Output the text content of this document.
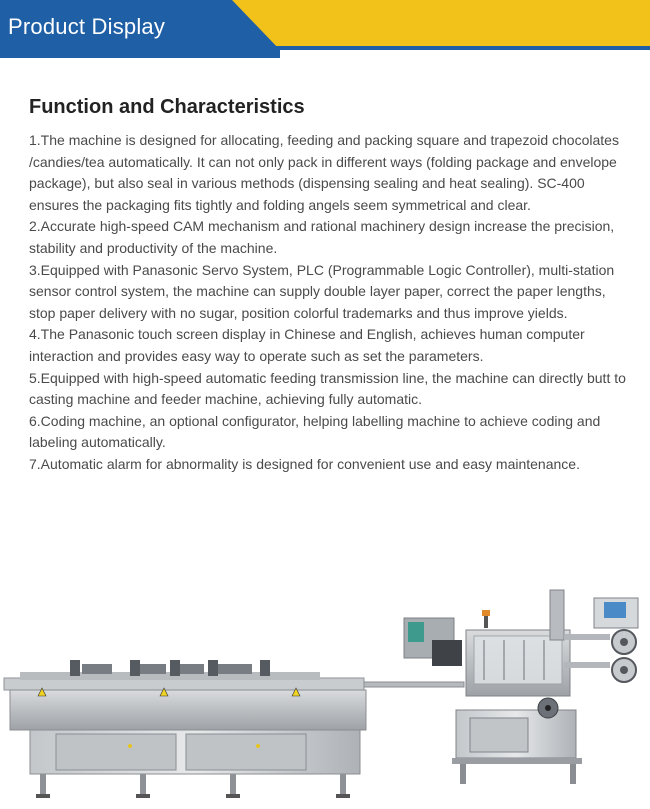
Product Display
Function and Characteristics

1.The machine is designed for allocating, feeding and packing square and trapezoid chocolates /candies/tea automatically. It can not only pack in different ways (folding package and envelope package), but also seal in various methods (dispensing sealing and heat sealing). SC-400 ensures the packaging fits tightly and folding angels seem symmetrical and clear.

2.Accurate high-speed CAM mechanism and rational machinery design increase the precision, stability and productivity of the machine.

3.Equipped with Panasonic Servo System, PLC (Programmable Logic Controller), multi-station sensor control system, the machine can supply double layer paper, correct the paper lengths, stop paper delivery with no sugar, position colorful trademarks and thus improve yields.

4.The Panasonic touch screen display in Chinese and English, achieves human computer interaction and provides easy way to operate such as set the parameters.

5.Equipped with high-speed automatic feeding transmission line, the machine can directly butt to casting machine and feeder machine, achieving fully automatic.

6.Coding machine, an optional configurator, helping labelling machine to achieve coding and labeling automatically.

7.Automatic alarm for abnormality is designed for convenient use and easy maintenance.
